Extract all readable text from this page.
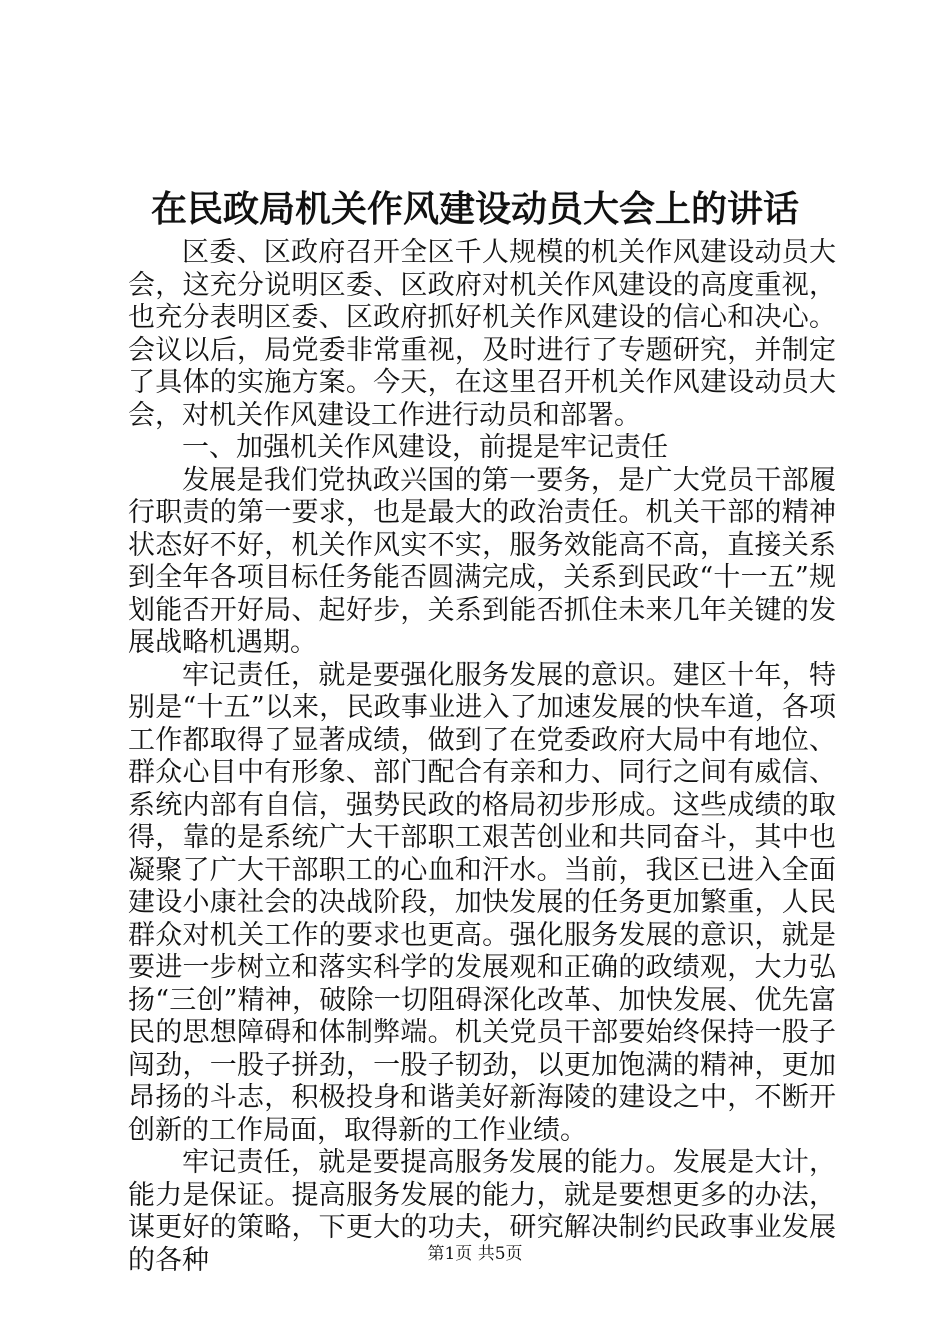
在民政局机关作风建设动员大会上的讲话

区委、区政府召开全区千人规模的机关作风建设动员大会，这充分说明区委、区政府对机关作风建设的高度重视，也充分表明区委、区政府抓好机关作风建设的信心和决心。会议以后，局党委非常重视，及时进行了专题研究，并制定了具体的实施方案。今天，在这里召开机关作风建设动员大会，对机关作风建设工作进行动员和部署。

一、加强机关作风建设，前提是牢记责任

发展是我们党执政兴国的第一要务，是广大党员干部履行职责的第一要求，也是最大的政治责任。机关干部的精神状态好不好，机关作风实不实，服务效能高不高，直接关系到全年各项目标任务能否圆满完成，关系到民政“十一五”规划能否开好局、起好步，关系到能否抓住未来几年关键的发展战略机遇期。

牢记责任，就是要强化服务发展的意识。建区十年，特别是“十五”以来，民政事业进入了加速发展的快车道，各项工作都取得了显著成绩，做到了在党委政府大局中有地位、群众心目中有形象、部门配合有亲和力、同行之间有威信、系统内部有自信，强势民政的格局初步形成。这些成绩的取得，靠的是系统广大干部职工艰苦创业和共同奋斗，其中也凝聚了广大干部职工的心血和汗水。当前，我区已进入全面建设小康社会的决战阶段，加快发展的任务更加繁重，人民群众对机关工作的要求也更高。强化服务发展的意识，就是要进一步树立和落实科学的发展观和正确的政绩观，大力弘扬“三创”精神，破除一切阻碍深化改革、加快发展、优先富民的思想障碍和体制弊端。机关党员干部要始终保持一股子闯劲，一股子拼劲，一股子韧劲，以更加饱满的精神，更加昂扬的斗志，积极投身和谐美好新海陵的建设之中，不断开创新的工作局面，取得新的工作业绩。

牢记责任，就是要提高服务发展的能力。发展是大计，能力是保证。提高服务发展的能力，就是要想更多的办法，谋更好的策略，下更大的功夫，研究解决制约民政事业发展的各种	第1页 共5页
